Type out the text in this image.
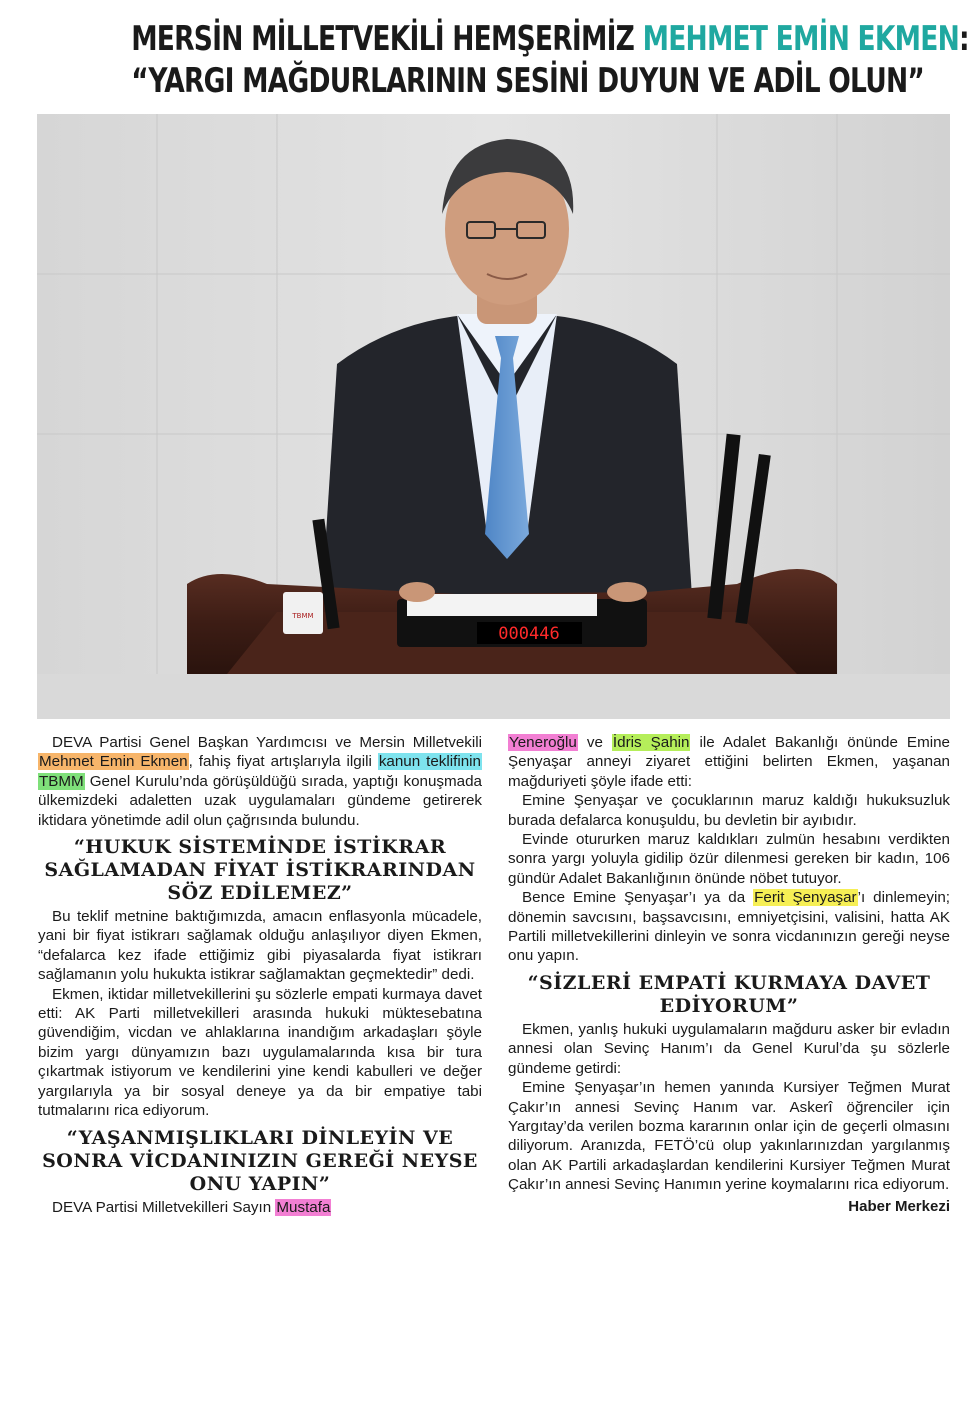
MERSİN MİLLETVEKİLİ HEMŞERİMİZ MEHMET EMİN EKMEN:
“YARGI MAĞDURLARININ SESİNİ DUYUN VE ADİL OLUN”
000446
TBMM

DEVA Partisi Genel Başkan Yardımcısı ve Mersin Milletvekili Mehmet Emin Ekmen, fahiş fiyat artışlarıyla ilgili kanun teklifinin TBMM Genel Kurulu’nda görüşüldüğü sırada, yaptığı konuşmada ülkemizdeki adaletten uzak uygulamaları gündeme getirerek iktidara yönetimde adil olun çağrısında bulundu.

“HUKUK SİSTEMİNDE İSTİKRAR SAĞLAMADAN FİYAT İSTİKRARINDAN SÖZ EDİLEMEZ”

Bu teklif metnine baktığımızda, amacın enflasyonla mücadele, yani bir fiyat istikrarı sağlamak olduğu anlaşılıyor diyen Ekmen, “defalarca kez ifade ettiğimiz gibi piyasalarda fiyat istikrarı sağlamanın yolu hukukta istikrar sağlamaktan geçmektedir” dedi.

Ekmen, iktidar milletvekillerini şu sözlerle empati kurmaya davet etti: AK Parti milletvekilleri arasında hukuki müktesebatına güvendiğim, vicdan ve ahlaklarına inandığım arkadaşları şöyle bizim yargı dünyamızın bazı uygulamalarında kısa bir tura çıkartmak istiyorum ve kendilerini yine kendi kabulleri ve değer yargılarıyla ya bir sosyal deneye ya da bir empatiye tabi tutmalarını rica ediyorum.

“YAŞANMIŞLIKLARI DİNLEYİN VE SONRA VİCDANINIZIN GEREĞİ NEYSE ONU YAPIN”

DEVA Partisi Milletvekilleri Sayın Mustafa

Yeneroğlu ve İdris Şahin ile Adalet Bakanlığı önünde Emine Şenyaşar anneyi ziyaret ettiğini belirten Ekmen, yaşanan mağduriyeti şöyle ifade etti:

Emine Şenyaşar ve çocuklarının maruz kaldığı hukuksuzluk burada defalarca konuşuldu, bu devletin bir ayıbıdır.

Evinde otururken maruz kaldıkları zulmün hesabını verdikten sonra yargı yoluyla gidilip özür dilenmesi gereken bir kadın, 106 gündür Adalet Bakanlığının önünde nöbet tutuyor.

Bence Emine Şenyaşar’ı ya da Ferit Şenyaşar’ı dinlemeyin; dönemin savcısını, başsavcısını, emniyetçisini, valisini, hatta AK Partili milletvekillerini dinleyin ve sonra vicdanınızın gereği neyse onu yapın.

“SİZLERİ EMPATİ KURMAYA DAVET EDİYORUM”

Ekmen, yanlış hukuki uygulamaların mağduru asker bir evladın annesi olan Sevinç Hanım’ı da Genel Kurul’da şu sözlerle gündeme getirdi:

Emine Şenyaşar’ın hemen yanında Kursiyer Teğmen Murat Çakır’ın annesi Sevinç Hanım var. Askerî öğrenciler için Yargıtay’da verilen bozma kararının onlar için de geçerli olmasını diliyorum. Aranızda, FETÖ’cü olup yakınlarınızdan yargılanmış olan AK Partili arkadaşlardan kendilerini Kursiyer Teğmen Murat Çakır’ın annesi Sevinç Hanımın yerine koymalarını rica ediyorum.

Haber Merkezi
